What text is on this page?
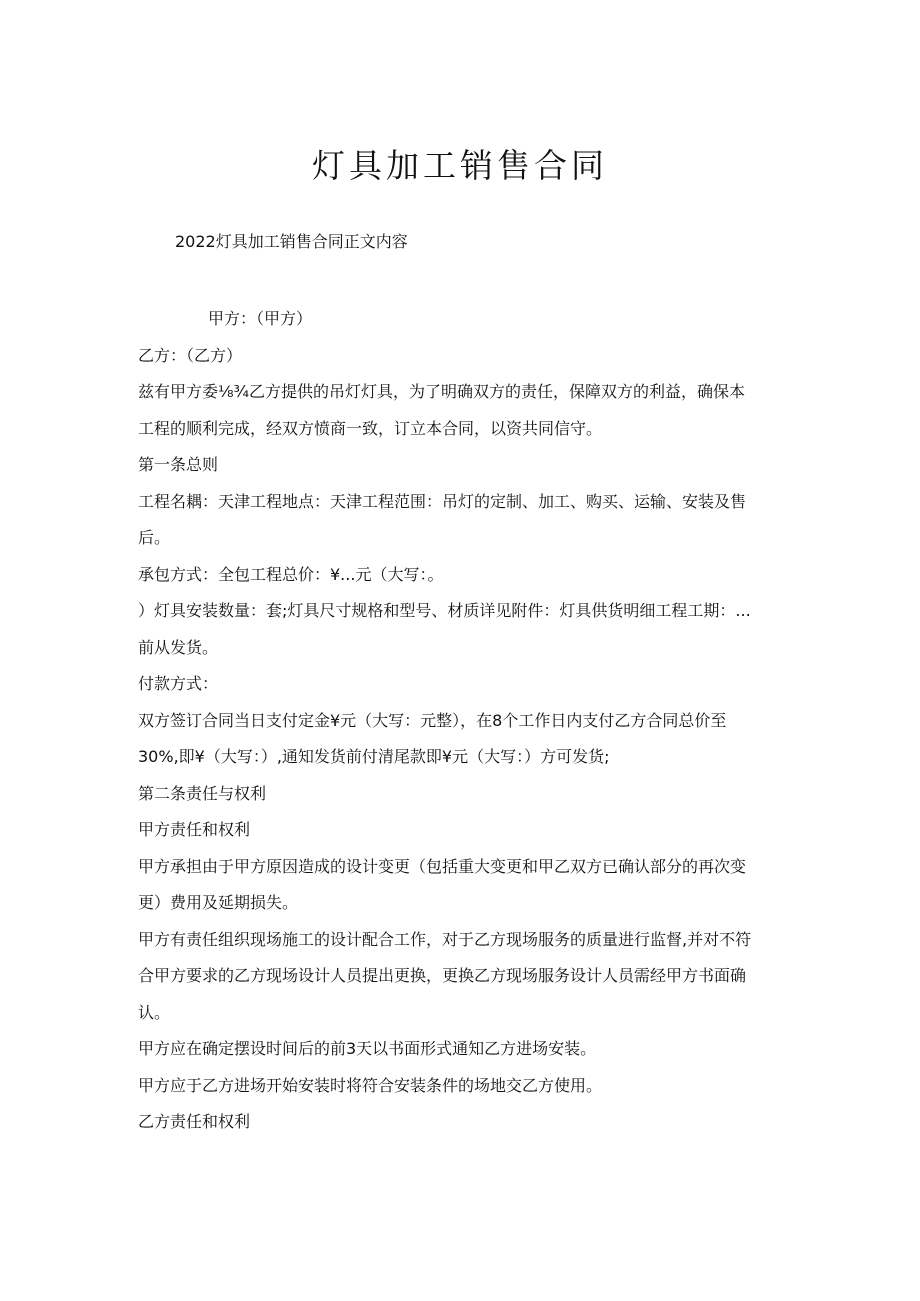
灯具加工销售合同

2022灯具加工销售合同正文内容

甲方：（甲方）

乙方：（乙方）

兹有甲方委⅛¾乙方提供的吊灯灯具，为了明确双方的责任，保障双方的利益，确保本

工程的顺利完成，经双方愤商一致，订立本合同，以资共同信守。

第一条总则

工程名耦：天津工程地点：天津工程范围：吊灯的定制、加工、购买、运输、安装及售

后。

承包方式：全包工程总价：¥...元（大写：。

）灯具安装数量：套;灯具尺寸规格和型号、材质详见附件：灯具供货明细工程工期：...

前从发货。

付款方式：

双方签订合同当日支付定金¥元（大写：元整），在8个工作日内支付乙方合同总价至

30%,即¥（大写：）,通知发货前付清尾款即¥元（大写：）方可发货;

第二条责任与权利

甲方责任和权利

甲方承担由于甲方原因造成的设计变更（包括重大变更和甲乙双方已确认部分的再次变

更）费用及延期损失。

甲方有责任组织现场施工的设计配合工作，对于乙方现场服务的质量进行监督,并对不符

合甲方要求的乙方现场设计人员提出更换，更换乙方现场服务设计人员需经甲方书面确

认。

甲方应在确定摆设时间后的前3天以书面形式通知乙方进场安装。

甲方应于乙方进场开始安装时将符合安装条件的场地交乙方使用。

乙方责任和权利
